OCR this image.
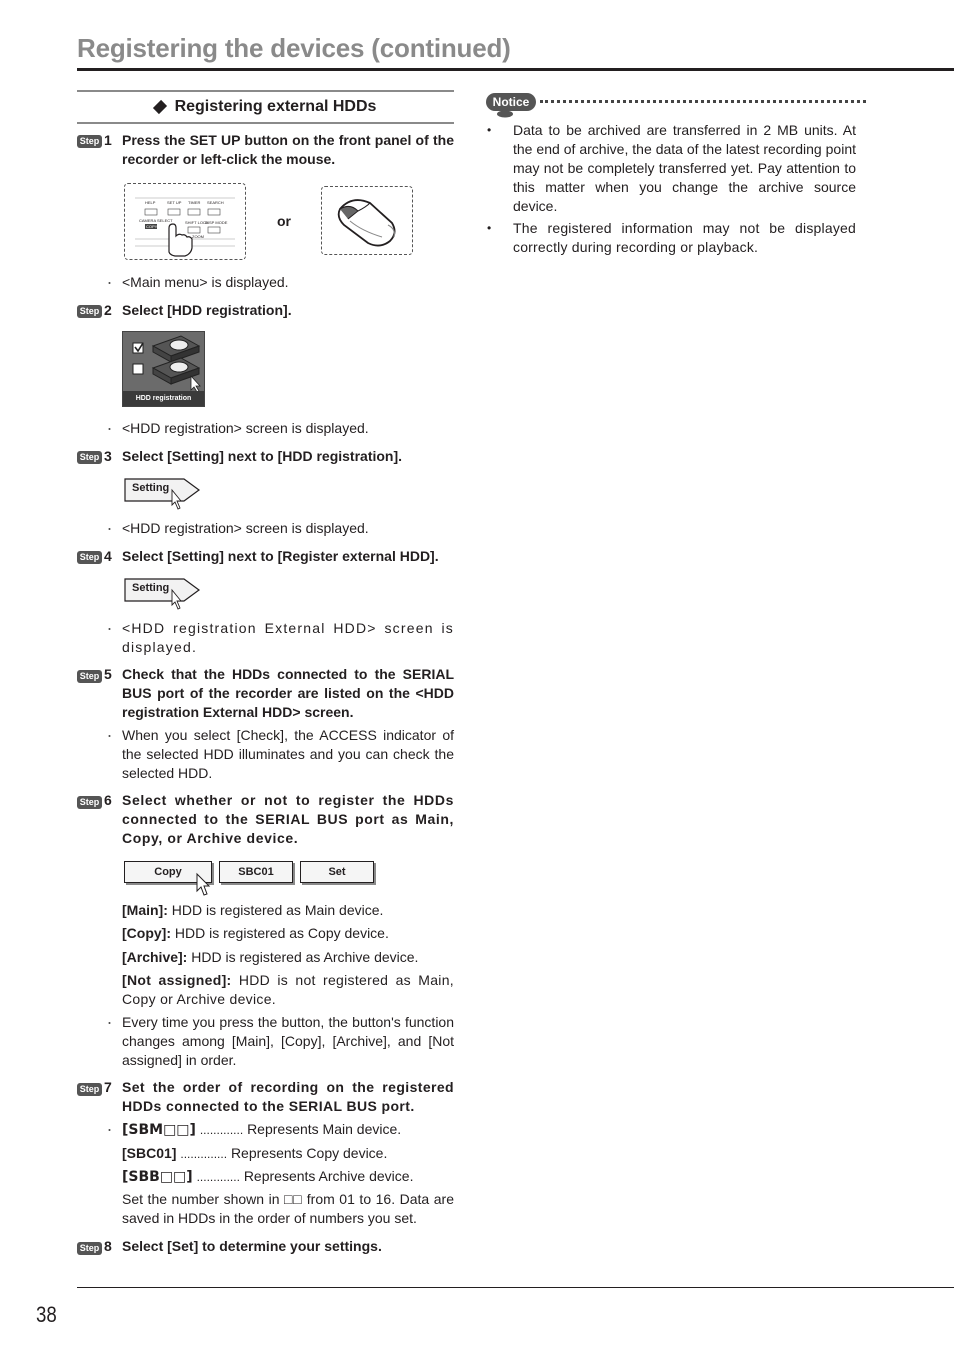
Registering the devices (continued)
Registering external HDDs
Step 1 Press the SET UP button on the front panel of the recorder or left-click the mouse.
HELP	SET UP TIMER SEARCH
CAMERA SELECT
COPY
SHIFT LOCK
DISP MODE
ZOOM
or
・ <Main menu> is displayed.
Step 2 Select [HDD registration].
HDD registration
・ <HDD registration> screen is displayed.
Step 3 Select [Setting] next to [HDD registration].
Setting
・ <HDD registration> screen is displayed.
Step 4 Select [Setting] next to [Register external HDD].
Setting
・ <HDD registration External HDD> screen is displayed.
Step 5 Check that the HDDs connected to the SERIAL BUS port of the recorder are listed on the <HDD registration External HDD> screen.
・ When you select [Check], the ACCESS indicator of the selected HDD illuminates and you can check the selected HDD.
Step 6 Select whether or not to register the HDDs connected to the SERIAL BUS port as Main, Copy, or Archive device.
Copy	SBC01	Set
[Main]: HDD is registered as Main device.
[Copy]: HDD is registered as Copy device.
[Archive]: HDD is registered as Archive device.
[Not assigned]: HDD is not registered as Main, Copy or Archive device.
・ Every time you press the button, the button's function changes among [Main], [Copy], [Archive], and [Not assigned] in order.
Step 7 Set the order of recording on the registered HDDs connected to the SERIAL BUS port.
・ [SBM□□] ............. Represents Main device.
[SBC01] .............. Represents Copy device.
[SBB□□] ............. Represents Archive device.
Set the number shown in □□ from 01 to 16. Data are saved in HDDs in the order of numbers you set.
Step 8 Select [Set] to determine your settings.
Notice
• Data to be archived are transferred in 2 MB units. At the end of archive, the data of the latest recording point may not be completely transferred yet. Pay attention to this matter when you change the archive source device.
• The registered information may not be displayed correctly during recording or playback.
38
